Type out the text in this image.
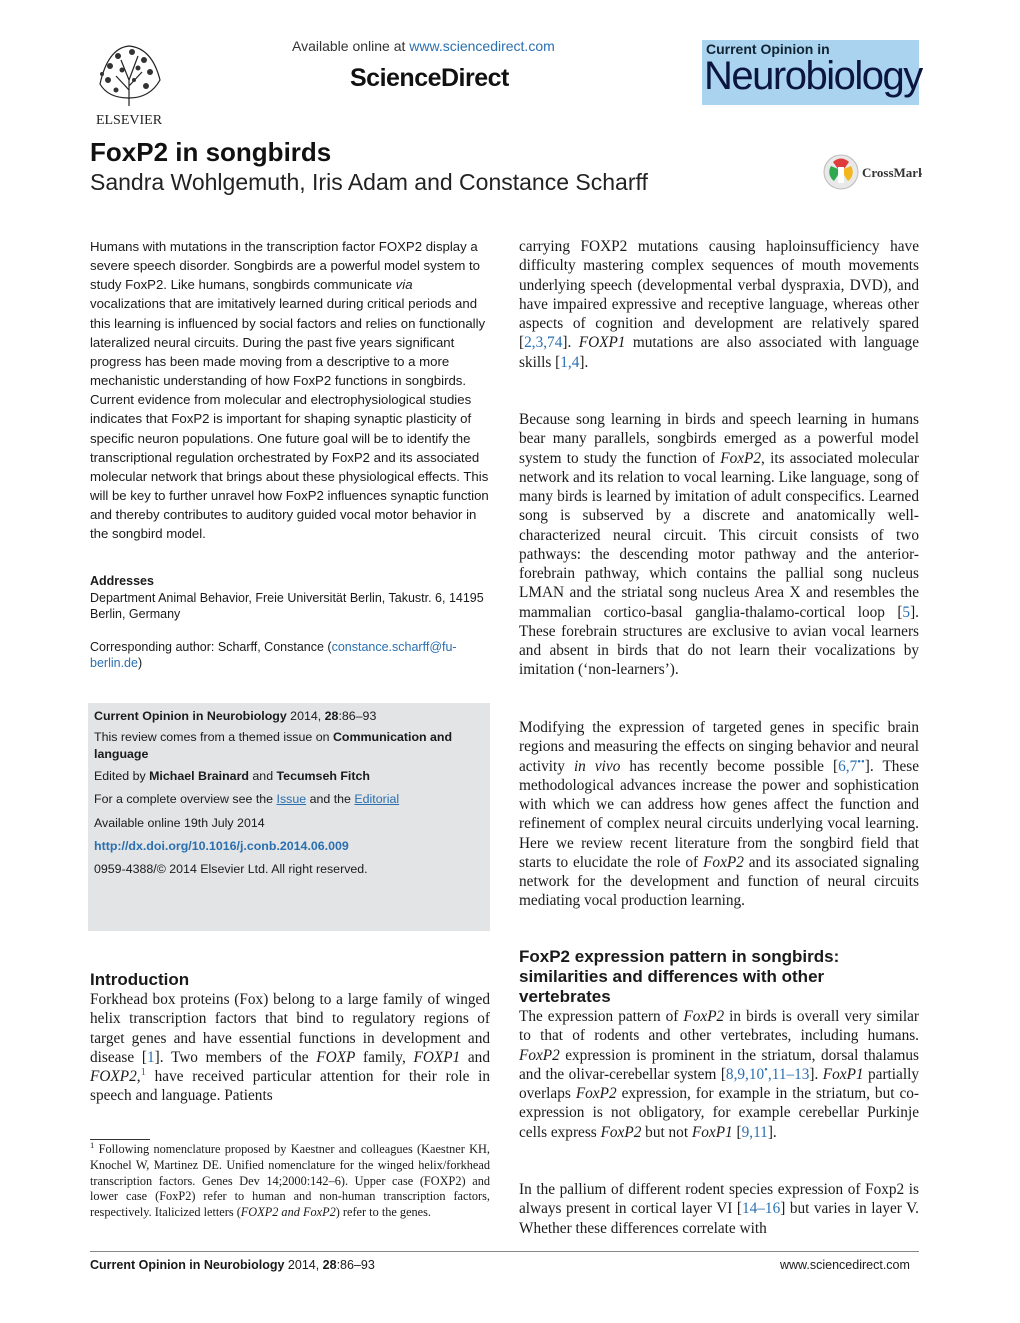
ELSEVIER
Available online at www.sciencedirect.com
ScienceDirect
Current Opinion in
Neurobiology
FoxP2 in songbirds
Sandra Wohlgemuth, Iris Adam and Constance Scharff	CrossMark
Humans with mutations in the transcription factor FOXP2 display a severe speech disorder. Songbirds are a powerful model system to study FoxP2. Like humans, songbirds communicate via vocalizations that are imitatively learned during critical periods and this learning is influenced by social factors and relies on functionally lateralized neural circuits. During the past five years significant progress has been made moving from a descriptive to a more mechanistic understanding of how FoxP2 functions in songbirds. Current evidence from molecular and electrophysiological studies indicates that FoxP2 is important for shaping synaptic plasticity of specific neuron populations. One future goal will be to identify the transcriptional regulation orchestrated by FoxP2 and its associated molecular network that brings about these physiological effects. This will be key to further unravel how FoxP2 influences synaptic function and thereby contributes to auditory guided vocal motor behavior in the songbird model.
Addresses
Department Animal Behavior, Freie Universität Berlin, Takustr. 6, 14195 Berlin, Germany
Corresponding author: Scharff, Constance (constance.scharff@fu-berlin.de)
Current Opinion in Neurobiology 2014, 28:86–93
This review comes from a themed issue on Communication and language
Edited by Michael Brainard and Tecumseh Fitch
For a complete overview see the Issue and the Editorial
Available online 19th July 2014
http://dx.doi.org/10.1016/j.conb.2014.06.009
0959-4388/© 2014 Elsevier Ltd. All right reserved.
Introduction
Forkhead box proteins (Fox) belong to a large family of winged helix transcription factors that bind to regulatory regions of target genes and have essential functions in development and disease [1]. Two members of the FOXP family, FOXP1 and FOXP2,$^1$ have received particular attention for their role in speech and language. Patients
$^1$ Following nomenclature proposed by Kaestner and colleagues (Kaestner KH, Knochel W, Martinez DE. Unified nomenclature for the winged helix/forkhead transcription factors. Genes Dev 14;2000:142–6). Upper case (FOXP2) and lower case (FoxP2) refer to human and non-human transcription factors, respectively. Italicized letters (FOXP2 and FoxP2) refer to the genes.
carrying FOXP2 mutations causing haploinsufficiency have difficulty mastering complex sequences of mouth movements underlying speech (developmental verbal dyspraxia, DVD), and have impaired expressive and receptive language, whereas other aspects of cognition and development are relatively spared [2,3,74]. FOXP1 mutations are also associated with language skills [1,4].
Because song learning in birds and speech learning in humans bear many parallels, songbirds emerged as a powerful model system to study the function of FoxP2, its associated molecular network and its relation to vocal learning. Like language, song of many birds is learned by imitation of adult conspecifics. Learned song is subserved by a discrete and anatomically well-characterized neural circuit. This circuit consists of two pathways: the descending motor pathway and the anterior-forebrain pathway, which contains the pallial song nucleus LMAN and the striatal song nucleus Area X and resembles the mammalian cortico-basal ganglia-thalamo-cortical loop [5]. These forebrain structures are exclusive to avian vocal learners and absent in birds that do not learn their vocalizations by imitation (‘non-learners’).
Modifying the expression of targeted genes in specific brain regions and measuring the effects on singing behavior and neural activity in vivo has recently become possible [6,7••]. These methodological advances increase the power and sophistication with which we can address how genes affect the function and refinement of complex neural circuits underlying vocal learning. Here we review recent literature from the songbird field that starts to elucidate the role of FoxP2 and its associated signaling network for the development and function of neural circuits mediating vocal production learning.
FoxP2 expression pattern in songbirds: similarities and differences with other vertebrates
The expression pattern of FoxP2 in birds is overall very similar to that of rodents and other vertebrates, including humans. FoxP2 expression is prominent in the striatum, dorsal thalamus and the olivar-cerebellar system [8,9,10•,11–13]. FoxP1 partially overlaps FoxP2 expression, for example in the striatum, but co-expression is not obligatory, for example cerebellar Purkinje cells express FoxP2 but not FoxP1 [9,11].
In the pallium of different rodent species expression of Foxp2 is always present in cortical layer VI [14–16] but varies in layer V. Whether these differences correlate with
Current Opinion in Neurobiology 2014, 28:86–93	www.sciencedirect.com
